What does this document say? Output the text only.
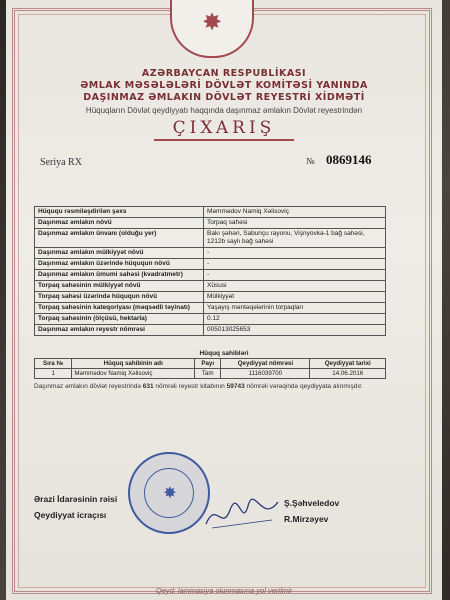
✸
AZƏRBAYCAN RESPUBLİKASI
ƏMLAK MƏSƏLƏLƏRİ DÖVLƏT KOMİTƏSİ YANINDA
DAŞINMAZ ƏMLAKIN DÖVLƏT REYESTRİ XİDMƏTİ
Hüquqların Dövlət qeydiyyatı haqqında daşınmaz əmlakın Dövlət reyestrindən
ÇIXARIŞ
Seriya RX	№ 0869146
Hüququ rəsmiləşdirilən şəxs	Məmmədov Namiq Xəlisoviç
Daşınmaz əmlakın növü	Torpaq sahəsi
Daşınmaz əmlakın ünvanı (olduğu yer)	Bakı şəhəri, Sabunçu rayonu, Vişnyovka-1 bağ sahəsi, 1212b saylı bağ sahəsi
Daşınmaz əmlakın mülkiyyət növü	-
Daşınmaz əmlakın üzərində hüququn növü	-
Daşınmaz əmlakın ümumi sahəsi (kvadratmetr)	-
Torpaq sahəsinin mülkiyyət növü	Xüsusi
Torpaq sahəsi üzərində hüququn növü	Mülkiyyət
Torpaq sahəsinin kateqoriyası (məqsədli təyinatı)	Yaşayış məntəqələrinin torpaqları
Torpaq sahəsinin (ölçüsü, hektarla)	0.12
Daşınmaz əmlakın reyestr nömrəsi	005013025653
Hüquq sahibləri
Sıra №	Hüquq sahibinin adı	Payı	Qeydiyyat nömrəsi	Qeydiyyat tarixi
1	Məmmədov Namiq Xəlisoviç	Tam	1116039700	14.06.2016
Daşınmaz əmlakın dövlət reyestrində 631 nömrəli reyestr kitabının 59743 nömrəli vərəqində qeydiyyata alınmışdır.
✸
Ərazi İdarəsinin rəisi
Qeydiyyat icraçısı
Ş.Şəhveledov
R.Mirzəyev
Qeyd: laminasiya olunmasına yol verilmir
